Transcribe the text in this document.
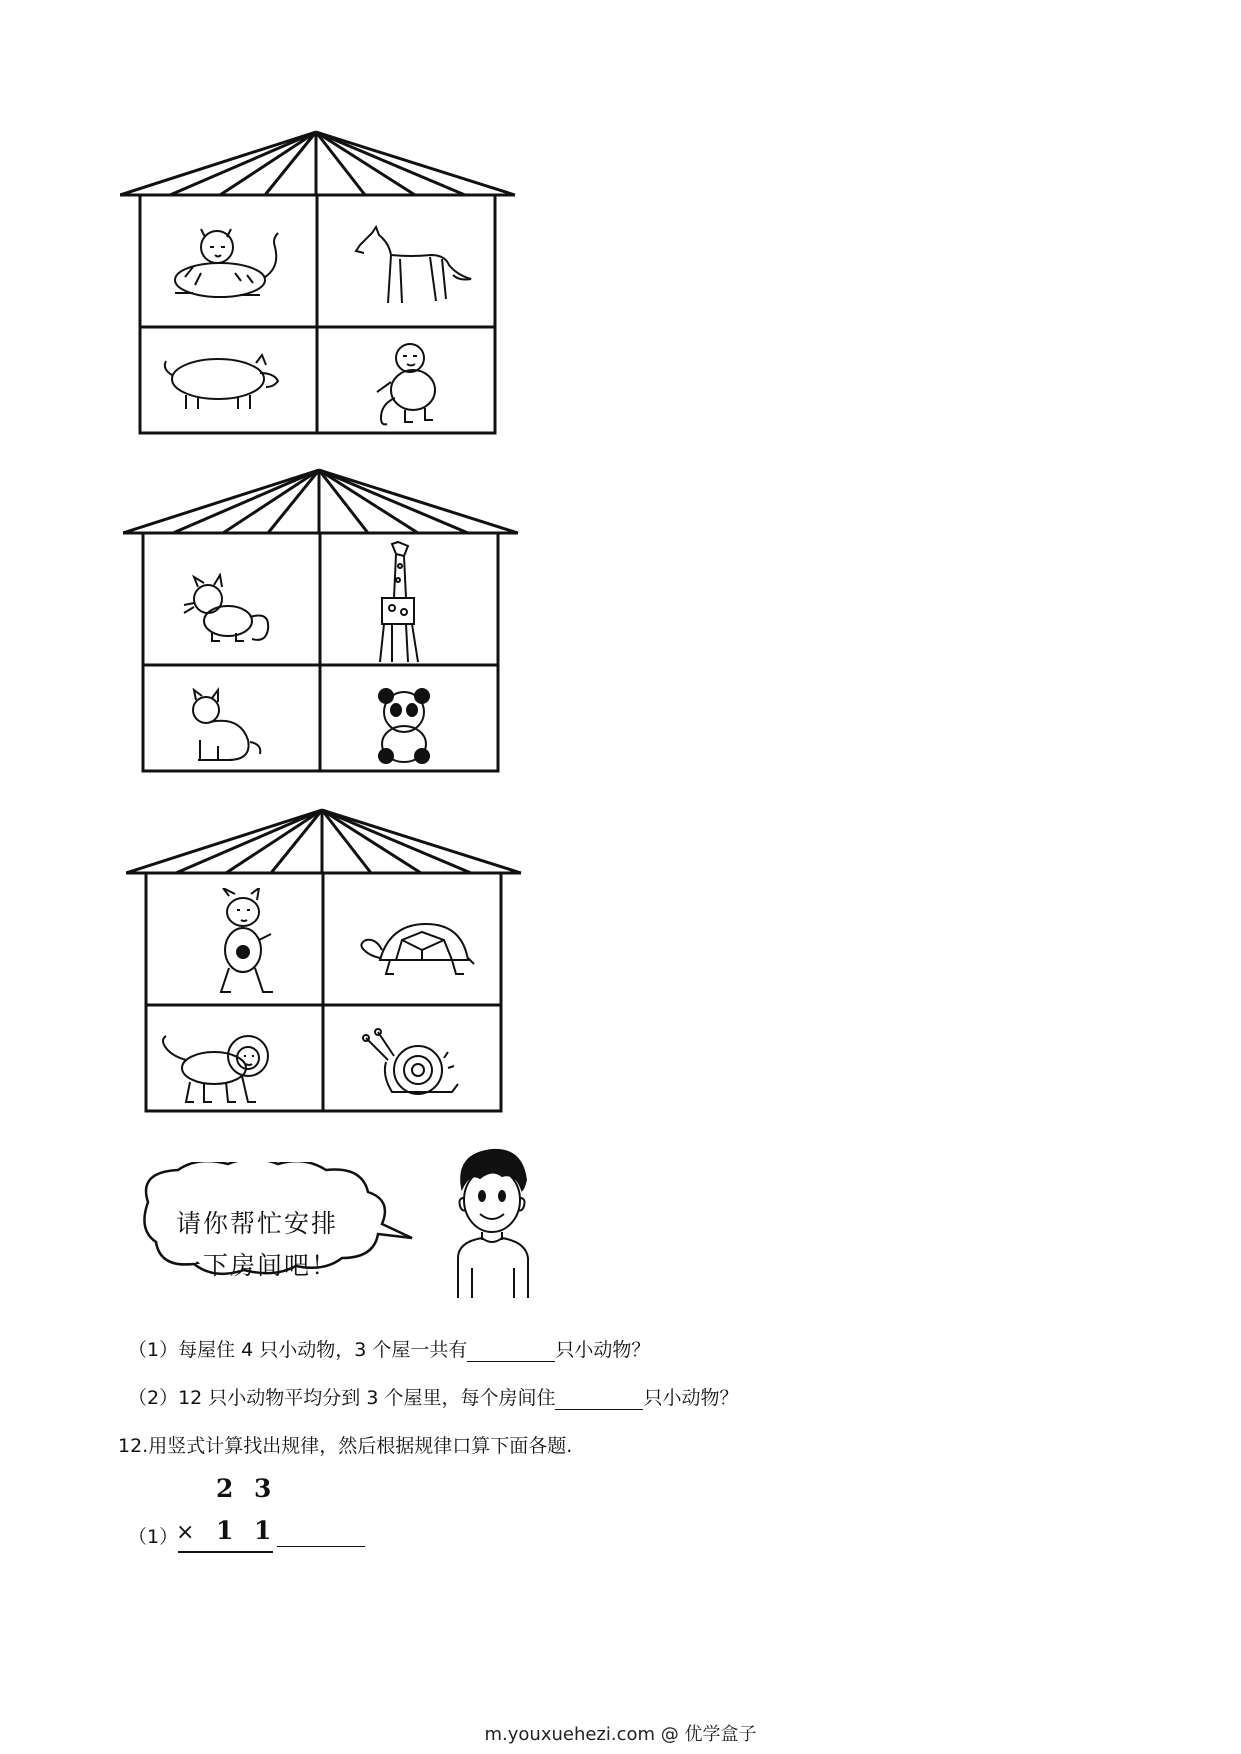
请你帮忙安排
一下房间吧！
（1）每屋住 4 只小动物，3 个屋一共有	只小动物？
（2）12 只小动物平均分到 3 个屋里，每个房间住	只小动物？
12.用竖式计算找出规律，然后根据规律口算下面各题.
2 3
（1）
× 1 1
m.youxuehezi.com @ 优学盒子
